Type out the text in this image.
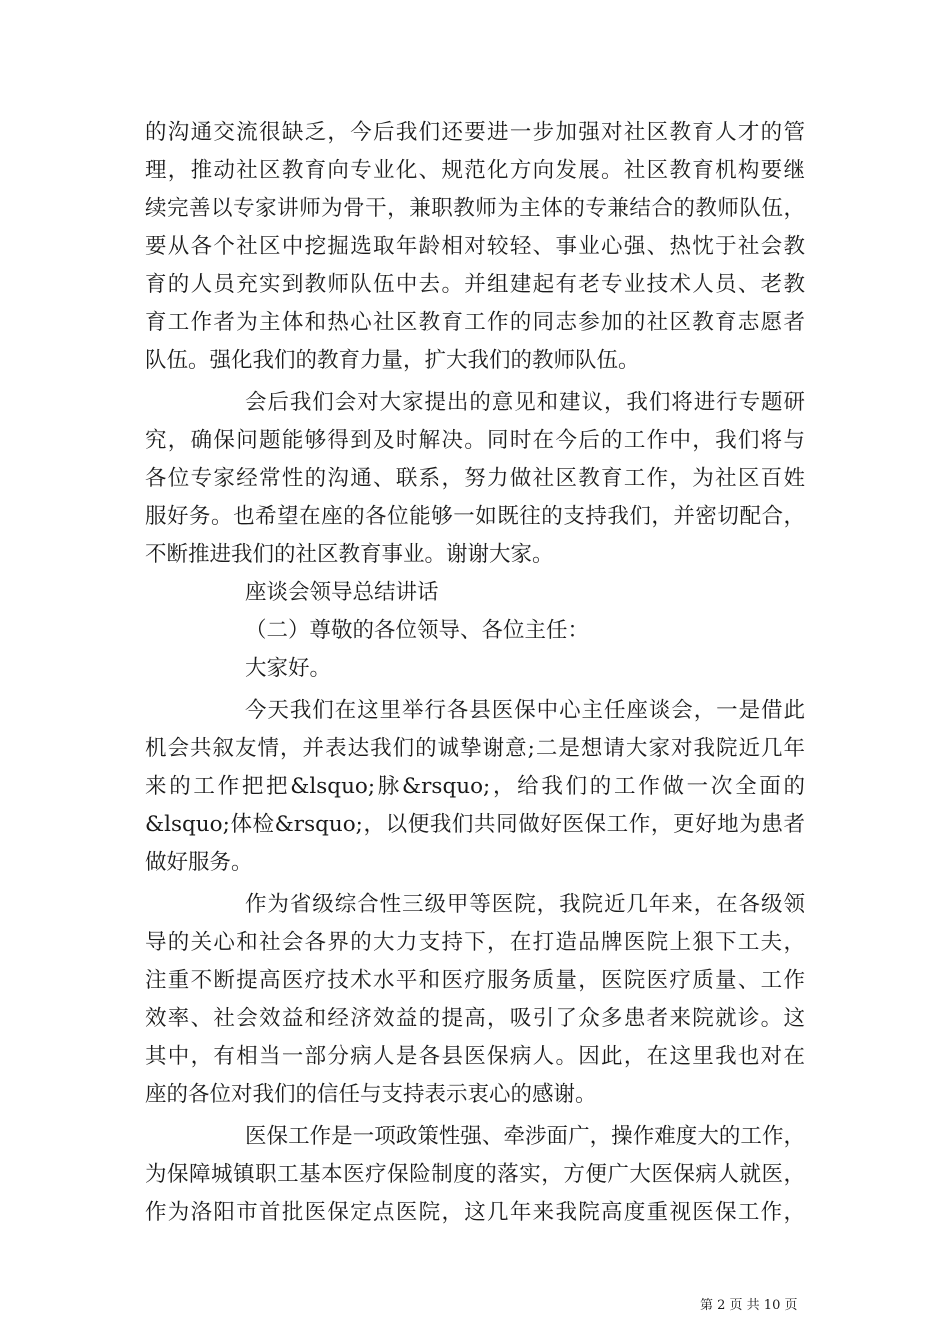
的沟通交流很缺乏，今后我们还要进一步加强对社区教育人才的管
理，推动社区教育向专业化、规范化方向发展。社区教育机构要继
续完善以专家讲师为骨干，兼职教师为主体的专兼结合的教师队伍，
要从各个社区中挖掘选取年龄相对较轻、事业心强、热忱于社会教
育的人员充实到教师队伍中去。并组建起有老专业技术人员、老教
育工作者为主体和热心社区教育工作的同志参加的社区教育志愿者
队伍。强化我们的教育力量，扩大我们的教师队伍。
会后我们会对大家提出的意见和建议，我们将进行专题研
究，确保问题能够得到及时解决。同时在今后的工作中，我们将与
各位专家经常性的沟通、联系，努力做社区教育工作，为社区百姓
服好务。也希望在座的各位能够一如既往的支持我们，并密切配合，
不断推进我们的社区教育事业。谢谢大家。
座谈会领导总结讲话
（二）尊敬的各位领导、各位主任：
大家好。
今天我们在这里举行各县医保中心主任座谈会，一是借此
机会共叙友情，并表达我们的诚挚谢意;二是想请大家对我院近几年
来的工作把把&lsquo;脉&rsquo;，给我们的工作做一次全面的
&lsquo;体检&rsquo;，以便我们共同做好医保工作，更好地为患者
做好服务。
作为省级综合性三级甲等医院，我院近几年来，在各级领
导的关心和社会各界的大力支持下，在打造品牌医院上狠下工夫，
注重不断提高医疗技术水平和医疗服务质量，医院医疗质量、工作
效率、社会效益和经济效益的提高，吸引了众多患者来院就诊。这
其中，有相当一部分病人是各县医保病人。因此，在这里我也对在
座的各位对我们的信任与支持表示衷心的感谢。
医保工作是一项政策性强、牵涉面广，操作难度大的工作，
为保障城镇职工基本医疗保险制度的落实，方便广大医保病人就医，
作为洛阳市首批医保定点医院，这几年来我院高度重视医保工作，
第 2 页 共 10 页
